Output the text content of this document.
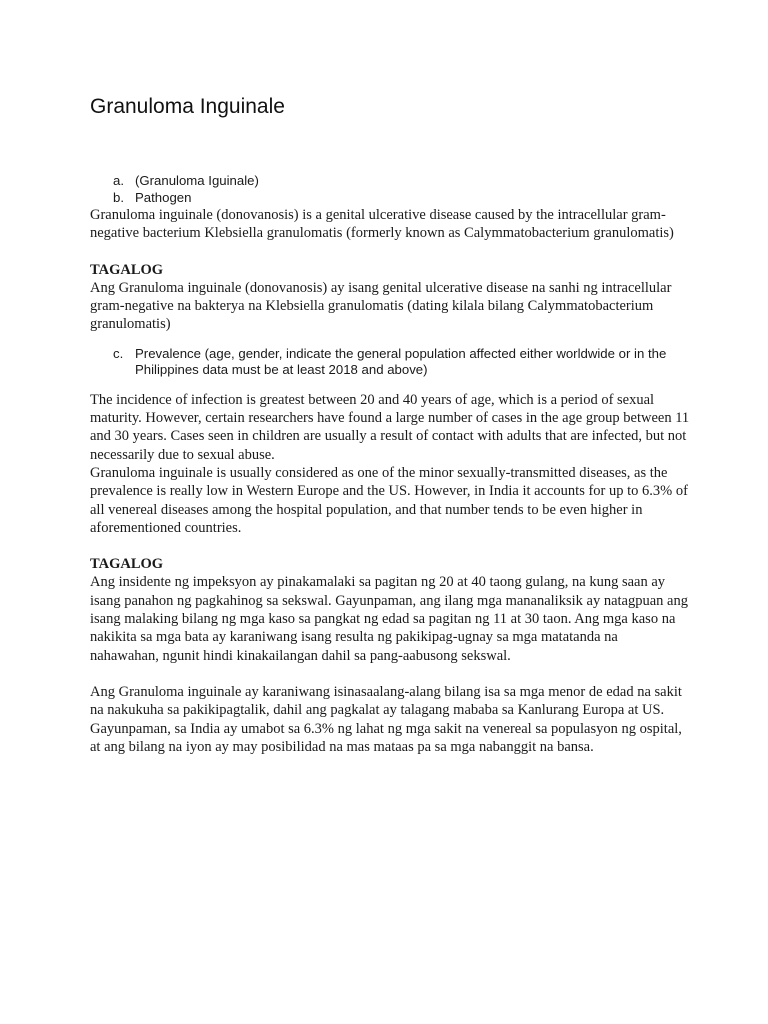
Granuloma Inguinale
a. (Granuloma Iguinale)
b. Pathogen

Granuloma inguinale (donovanosis) is a genital ulcerative disease caused by the intracellular gram-negative bacterium Klebsiella granulomatis (formerly known as Calymmatobacterium granulomatis)

TAGALOG

Ang Granuloma inguinale (donovanosis) ay isang genital ulcerative disease na sanhi ng intracellular gram-negative na bakterya na Klebsiella granulomatis (dating kilala bilang Calymmatobacterium granulomatis)

c. Prevalence (age, gender, indicate the general population affected either worldwide or in the Philippines data must be at least 2018 and above)

The incidence of infection is greatest between 20 and 40 years of age, which is a period of sexual maturity. However, certain researchers have found a large number of cases in the age group between 11 and 30 years. Cases seen in children are usually a result of contact with adults that are infected, but not necessarily due to sexual abuse.

Granuloma inguinale is usually considered as one of the minor sexually-transmitted diseases, as the prevalence is really low in Western Europe and the US. However, in India it accounts for up to 6.3% of all venereal diseases among the hospital population, and that number tends to be even higher in aforementioned countries.

TAGALOG

Ang insidente ng impeksyon ay pinakamalaki sa pagitan ng 20 at 40 taong gulang, na kung saan ay isang panahon ng pagkahinog sa sekswal. Gayunpaman, ang ilang mga mananaliksik ay natagpuan ang isang malaking bilang ng mga kaso sa pangkat ng edad sa pagitan ng 11 at 30 taon. Ang mga kaso na nakikita sa mga bata ay karaniwang isang resulta ng pakikipag-ugnay sa mga matatanda na nahawahan, ngunit hindi kinakailangan dahil sa pang-aabusong sekswal.

Ang Granuloma inguinale ay karaniwang isinasaalang-alang bilang isa sa mga menor de edad na sakit na nakukuha sa pakikipagtalik, dahil ang pagkalat ay talagang mababa sa Kanlurang Europa at US. Gayunpaman, sa India ay umabot sa 6.3% ng lahat ng mga sakit na venereal sa populasyon ng ospital, at ang bilang na iyon ay may posibilidad na mas mataas pa sa mga nabanggit na bansa.
